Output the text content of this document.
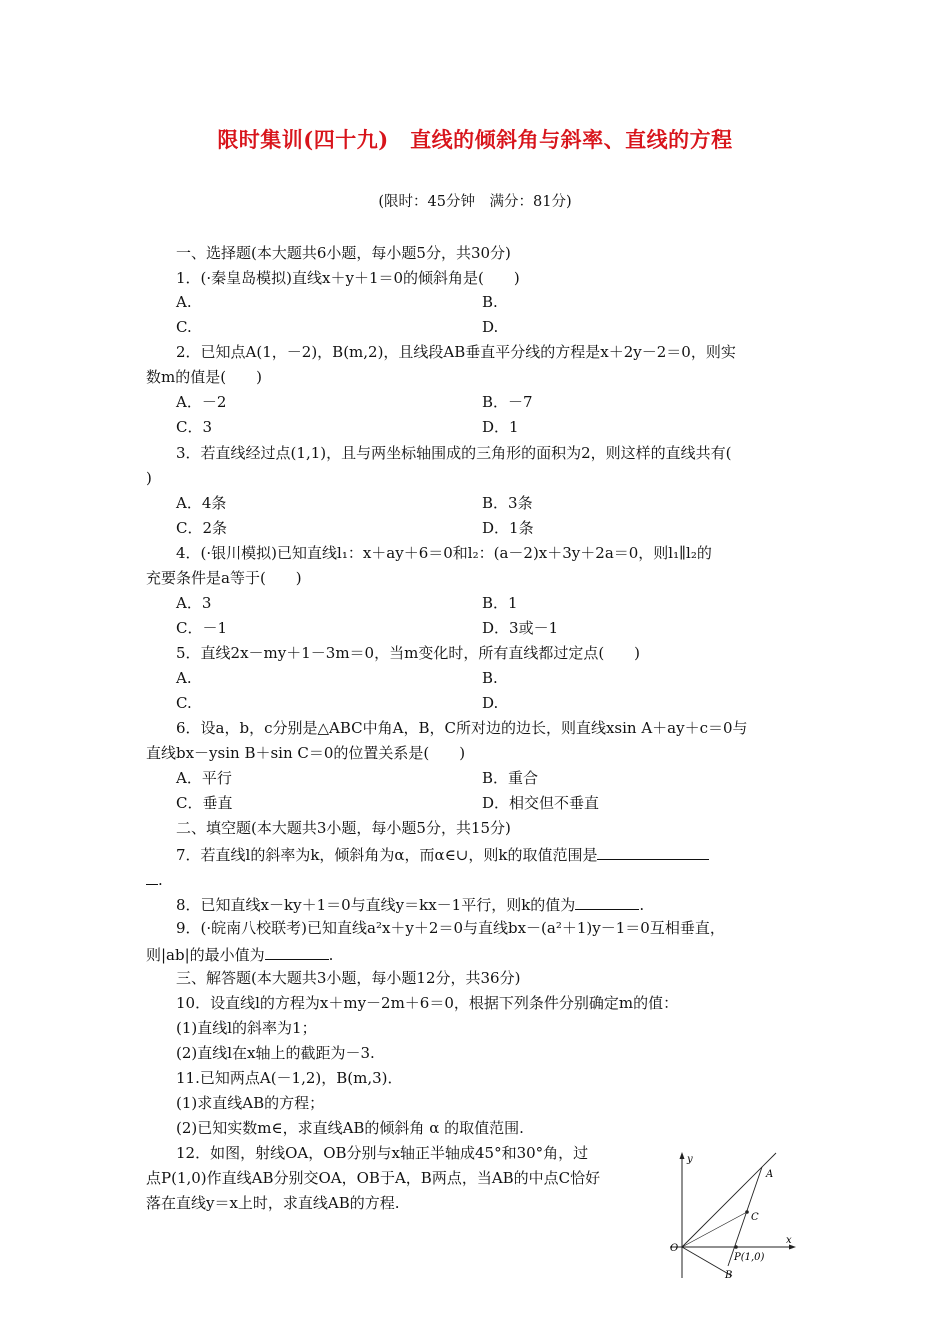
限时集训(四十九)　直线的倾斜角与斜率、直线的方程
(限时：45分钟　满分：81分)
一、选择题(本大题共6小题，每小题5分，共30分)
1．(·秦皇岛模拟)直线x＋y＋1＝0的倾斜角是(　　)
A.	B.
C.	D.
2．已知点A(1，－2)，B(m,2)，且线段AB垂直平分线的方程是x＋2y－2＝0，则实
数m的值是(　　)
A．－2	B．－7
C．3	D．1
3．若直线经过点(1,1)，且与两坐标轴围成的三角形的面积为2，则这样的直线共有(
)
A．4条	B．3条
C．2条	D．1条
4．(·银川模拟)已知直线l₁：x＋ay＋6＝0和l₂：(a－2)x＋3y＋2a＝0，则l₁∥l₂的
充要条件是a等于(　　)
A．3	B．1
C．－1	D．3或－1
5．直线2x－my＋1－3m＝0，当m变化时，所有直线都过定点(　　)
A.	B.
C.	D.
6．设a，b，c分别是△ABC中角A，B，C所对边的边长，则直线xsin A＋ay＋c＝0与
直线bx－ysin B＋sin C＝0的位置关系是(　　)
A．平行	B．重合
C．垂直	D．相交但不垂直
二、填空题(本大题共3小题，每小题5分，共15分)
7．若直线l的斜率为k，倾斜角为α，而α∈∪，则k的取值范围是
.
8．已知直线x－ky＋1＝0与直线y＝kx－1平行，则k的值为	.
9．(·皖南八校联考)已知直线a²x＋y＋2＝0与直线bx－(a²＋1)y－1＝0互相垂直，
则|ab|的最小值为	.
三、解答题(本大题共3小题，每小题12分，共36分)
10．设直线l的方程为x＋my－2m＋6＝0，根据下列条件分别确定m的值：
(1)直线l的斜率为1；
(2)直线l在x轴上的截距为－3.
11.已知两点A(－1,2)，B(m,3)．
(1)求直线AB的方程；
(2)已知实数m∈，求直线AB的倾斜角 α 的取值范围.
12．如图，射线OA，OB分别与x轴正半轴成45°和30°角，过
点P(1,0)作直线AB分别交OA，OB于A，B两点，当AB的中点C恰好
落在直线y＝x上时，求直线AB的方程.
y
x
O
A
C
P(1,0)
B
